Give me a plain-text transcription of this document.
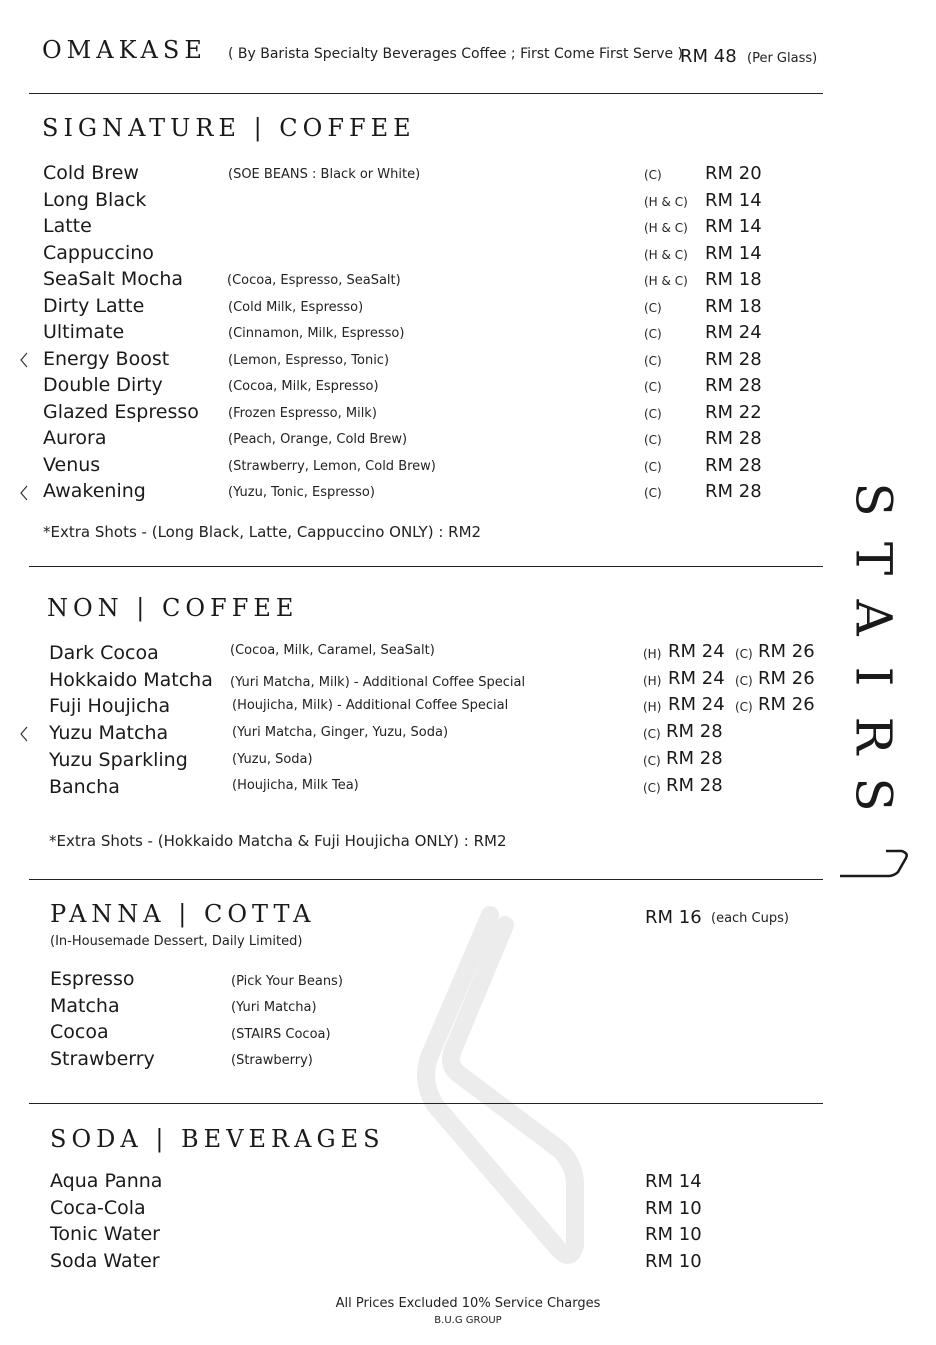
OMAKASE ( By Barista Specialty Beverages Coffee ; First Come First Serve )
RM 48 (Per Glass)
SIGNATURE | COFFEE
Cold Brew	(SOE BEANS : Black or White)	(C) RM 20
Long Black	(H & C) RM 14
Latte	(H & C) RM 14
Cappuccino	(H & C) RM 14
SeaSalt Mocha	(Cocoa, Espresso, SeaSalt)	(H & C) RM 18
Dirty Latte	(Cold Milk, Espresso)	(C) RM 18
Ultimate	(Cinnamon, Milk, Espresso)	(C) RM 24
Energy Boost	(Lemon, Espresso, Tonic)	(C) RM 28
Double Dirty	(Cocoa, Milk, Espresso)	(C) RM 28
Glazed Espresso (Frozen Espresso, Milk)	(C) RM 22
Aurora	(Peach, Orange, Cold Brew)	(C) RM 28
Venus	(Strawberry, Lemon, Cold Brew)	(C) RM 28
Awakening	(Yuzu, Tonic, Espresso)	(C) RM 28
*Extra Shots - (Long Black, Latte, Cappuccino ONLY) : RM2
NON | COFFEE
Dark Cocoa	(Cocoa, Milk, Caramel, SeaSalt)	(H) RM 24 (C) RM 26
Hokkaido Matcha (Yuri Matcha, Milk) - Additional Coffee Special	(H) RM 24 (C) RM 26
Fuji Houjicha	(Houjicha, Milk) - Additional Coffee Special	(H) RM 24 (C) RM 26
Yuzu Matcha	(Yuri Matcha, Ginger, Yuzu, Soda)	(C) RM 28
Yuzu Sparkling	(Yuzu, Soda)	(C) RM 28
Bancha	(Houjicha, Milk Tea)	(C) RM 28
*Extra Shots - (Hokkaido Matcha & Fuji Houjicha ONLY) : RM2
PANNA | COTTA
(In-Housemade Dessert, Daily Limited)
RM 16 (each Cups)
Espresso	(Pick Your Beans)
Matcha	(Yuri Matcha)
Cocoa	(STAIRS Cocoa)
Strawberry	(Strawberry)
SODA | BEVERAGES
Aqua Panna	RM 14
Coca-Cola	RM 10
Tonic Water	RM 10
Soda Water	RM 10
All Prices Excluded 10% Service Charges
B.U.G GROUP
S
T
A
I
R
S
